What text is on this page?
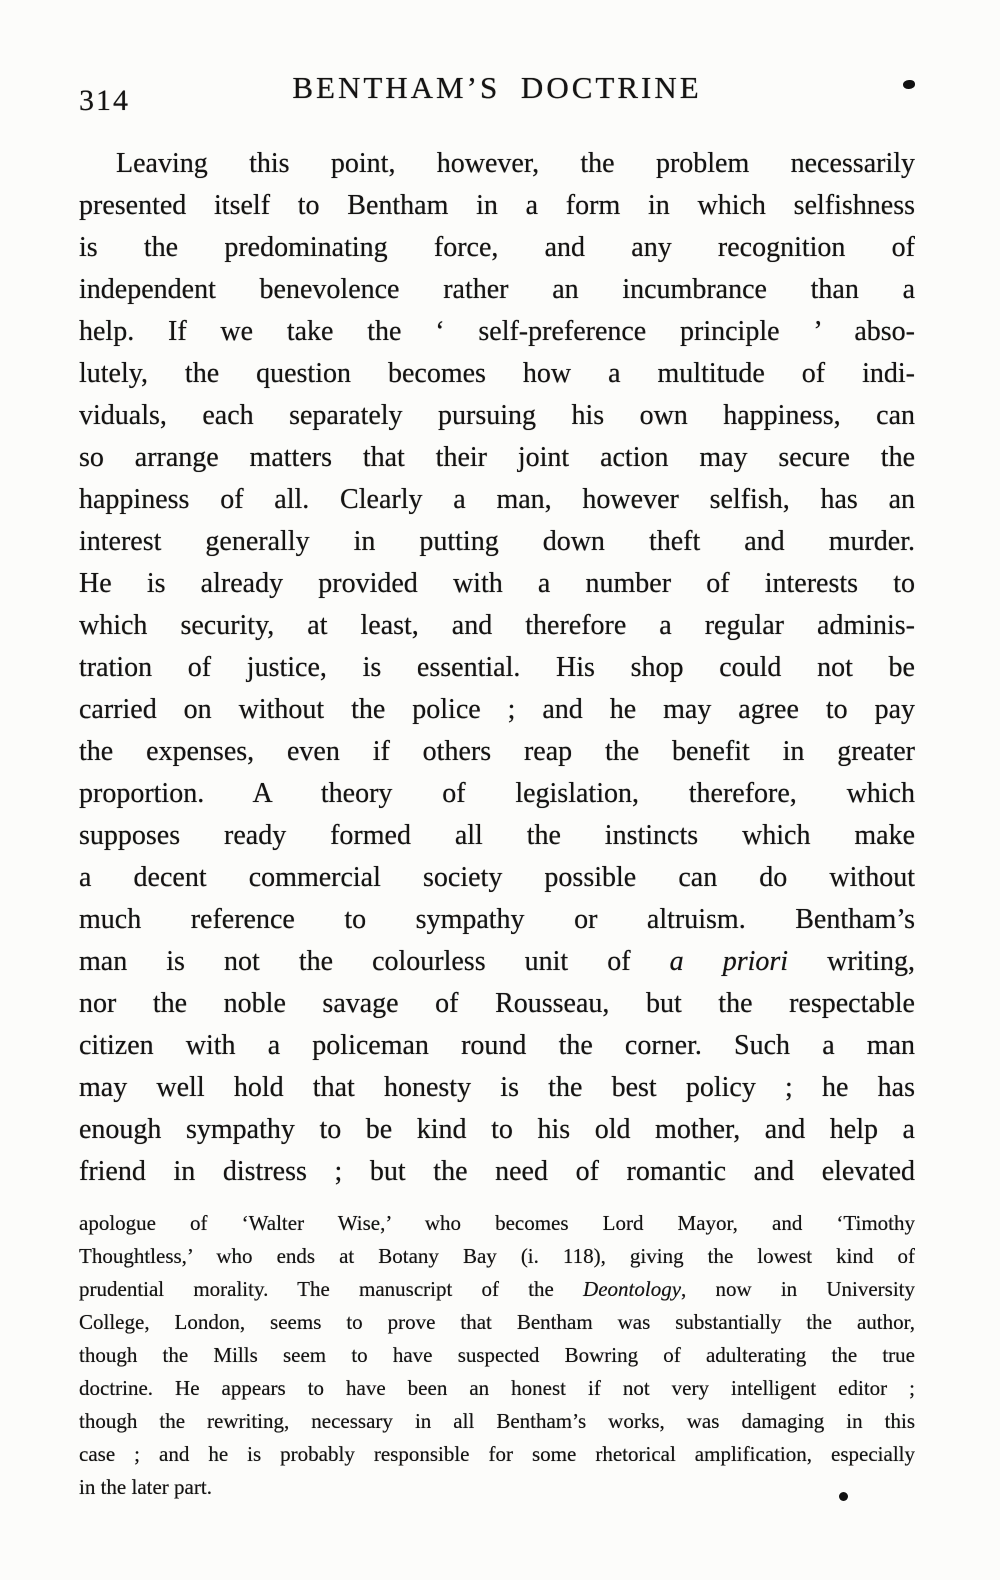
314	BENTHAM’S DOCTRINE
Leaving this point, however, the problem necessarily
presented itself to Bentham in a form in which selfishness
is the predominating force, and any recognition of
independent benevolence rather an incumbrance than a
help. If we take the ‘ self-preference principle ’ abso-
lutely, the question becomes how a multitude of indi-
viduals, each separately pursuing his own happiness, can
so arrange matters that their joint action may secure the
happiness of all. Clearly a man, however selfish, has an
interest generally in putting down theft and murder.
He is already provided with a number of interests to
which security, at least, and therefore a regular adminis-
tration of justice, is essential. His shop could not be
carried on without the police ; and he may agree to pay
the expenses, even if others reap the benefit in greater
proportion. A theory of legislation, therefore, which
supposes ready formed all the instincts which make
a decent commercial society possible can do without
much reference to sympathy or altruism. Bentham’s
man is not the colourless unit of a priori writing,
nor the noble savage of Rousseau, but the respectable
citizen with a policeman round the corner. Such a man
may well hold that honesty is the best policy ; he has
enough sympathy to be kind to his old mother, and help a
friend in distress ; but the need of romantic and elevated
apologue of ‘Walter Wise,’ who becomes Lord Mayor, and ‘Timothy
Thoughtless,’ who ends at Botany Bay (i. 118), giving the lowest kind of
prudential morality. The manuscript of the Deontology, now in University
College, London, seems to prove that Bentham was substantially the author,
though the Mills seem to have suspected Bowring of adulterating the true
doctrine. He appears to have been an honest if not very intelligent editor ;
though the rewriting, necessary in all Bentham’s works, was damaging in this
case ; and he is probably responsible for some rhetorical amplification, especially
in the later part.
